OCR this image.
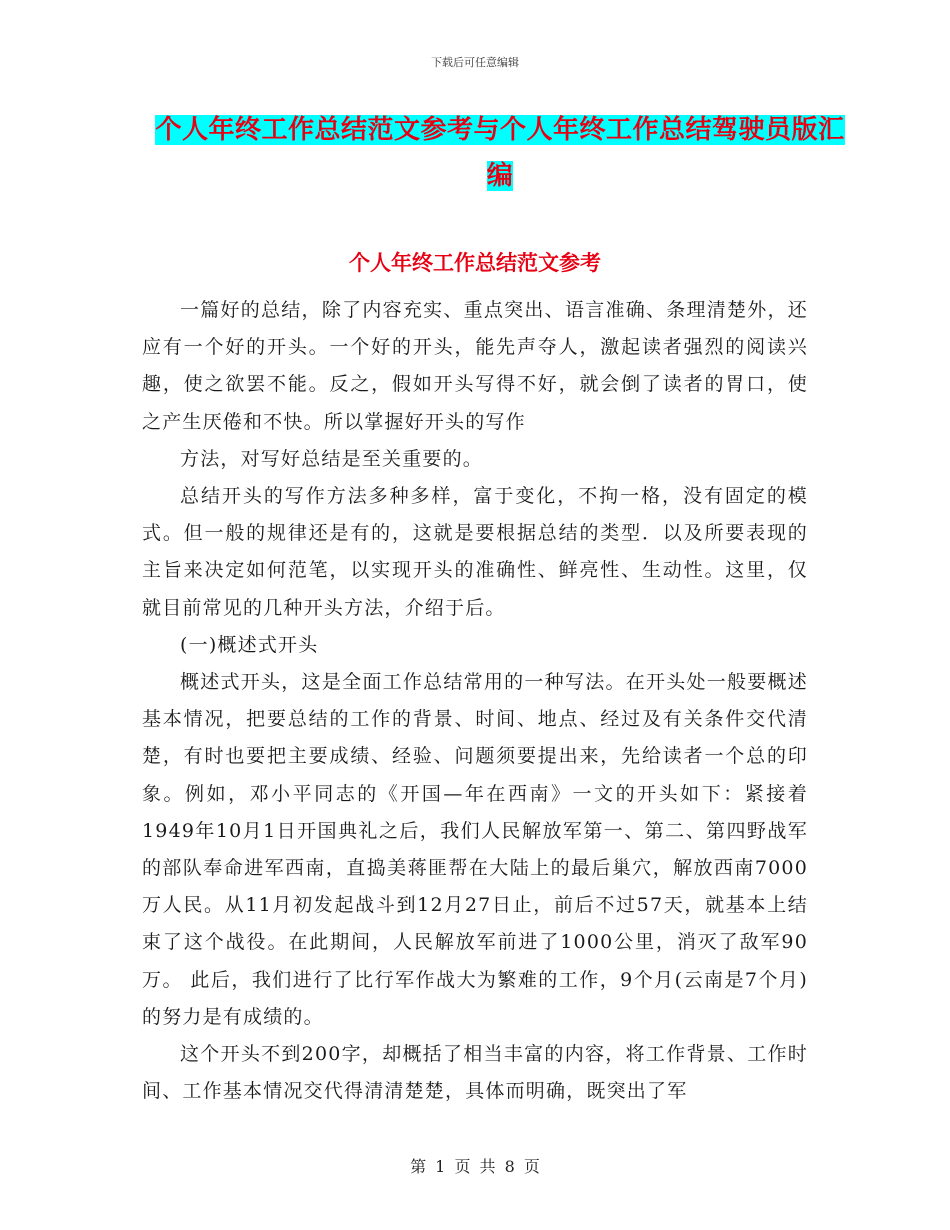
下载后可任意编辑
个人年终工作总结范文参考与个人年终工作总结驾驶员版汇编
个人年终工作总结范文参考

一篇好的总结，除了内容充实、重点突出、语言准确、条理清楚外，还应有一个好的开头。一个好的开头，能先声夺人，激起读者强烈的阅读兴趣，使之欲罢不能。反之，假如开头写得不好，就会倒了读者的胃口，使之产生厌倦和不快。所以掌握好开头的写作

方法，对写好总结是至关重要的。

总结开头的写作方法多种多样，富于变化，不拘一格，没有固定的模式。但一般的规律还是有的，这就是要根据总结的类型．以及所要表现的主旨来决定如何范笔，以实现开头的准确性、鲜亮性、生动性。这里，仅就目前常见的几种开头方法，介绍于后。

(一)概述式开头

概述式开头，这是全面工作总结常用的一种写法。在开头处一般要概述基本情况，把要总结的工作的背景、时间、地点、经过及有关条件交代清楚，有时也要把主要成绩、经验、问题须要提出来，先给读者一个总的印象。例如，邓小平同志的《开国—年在西南》一文的开头如下：紧接着1949年10月1日开国典礼之后，我们人民解放军第一、第二、第四野战军的部队奉命进军西南，直捣美蒋匪帮在大陆上的最后巢穴，解放西南7000万人民。从11月初发起战斗到12月27日止，前后不过57天，就基本上结束了这个战役。在此期间，人民解放军前进了1000公里，消灭了敌军90万。 此后，我们进行了比行军作战大为繁难的工作，9个月(云南是7个月)的努力是有成绩的。

这个开头不到200字，却概括了相当丰富的内容，将工作背景、工作时间、工作基本情况交代得清清楚楚，具体而明确，既突出了军

第 1 页 共 8 页
